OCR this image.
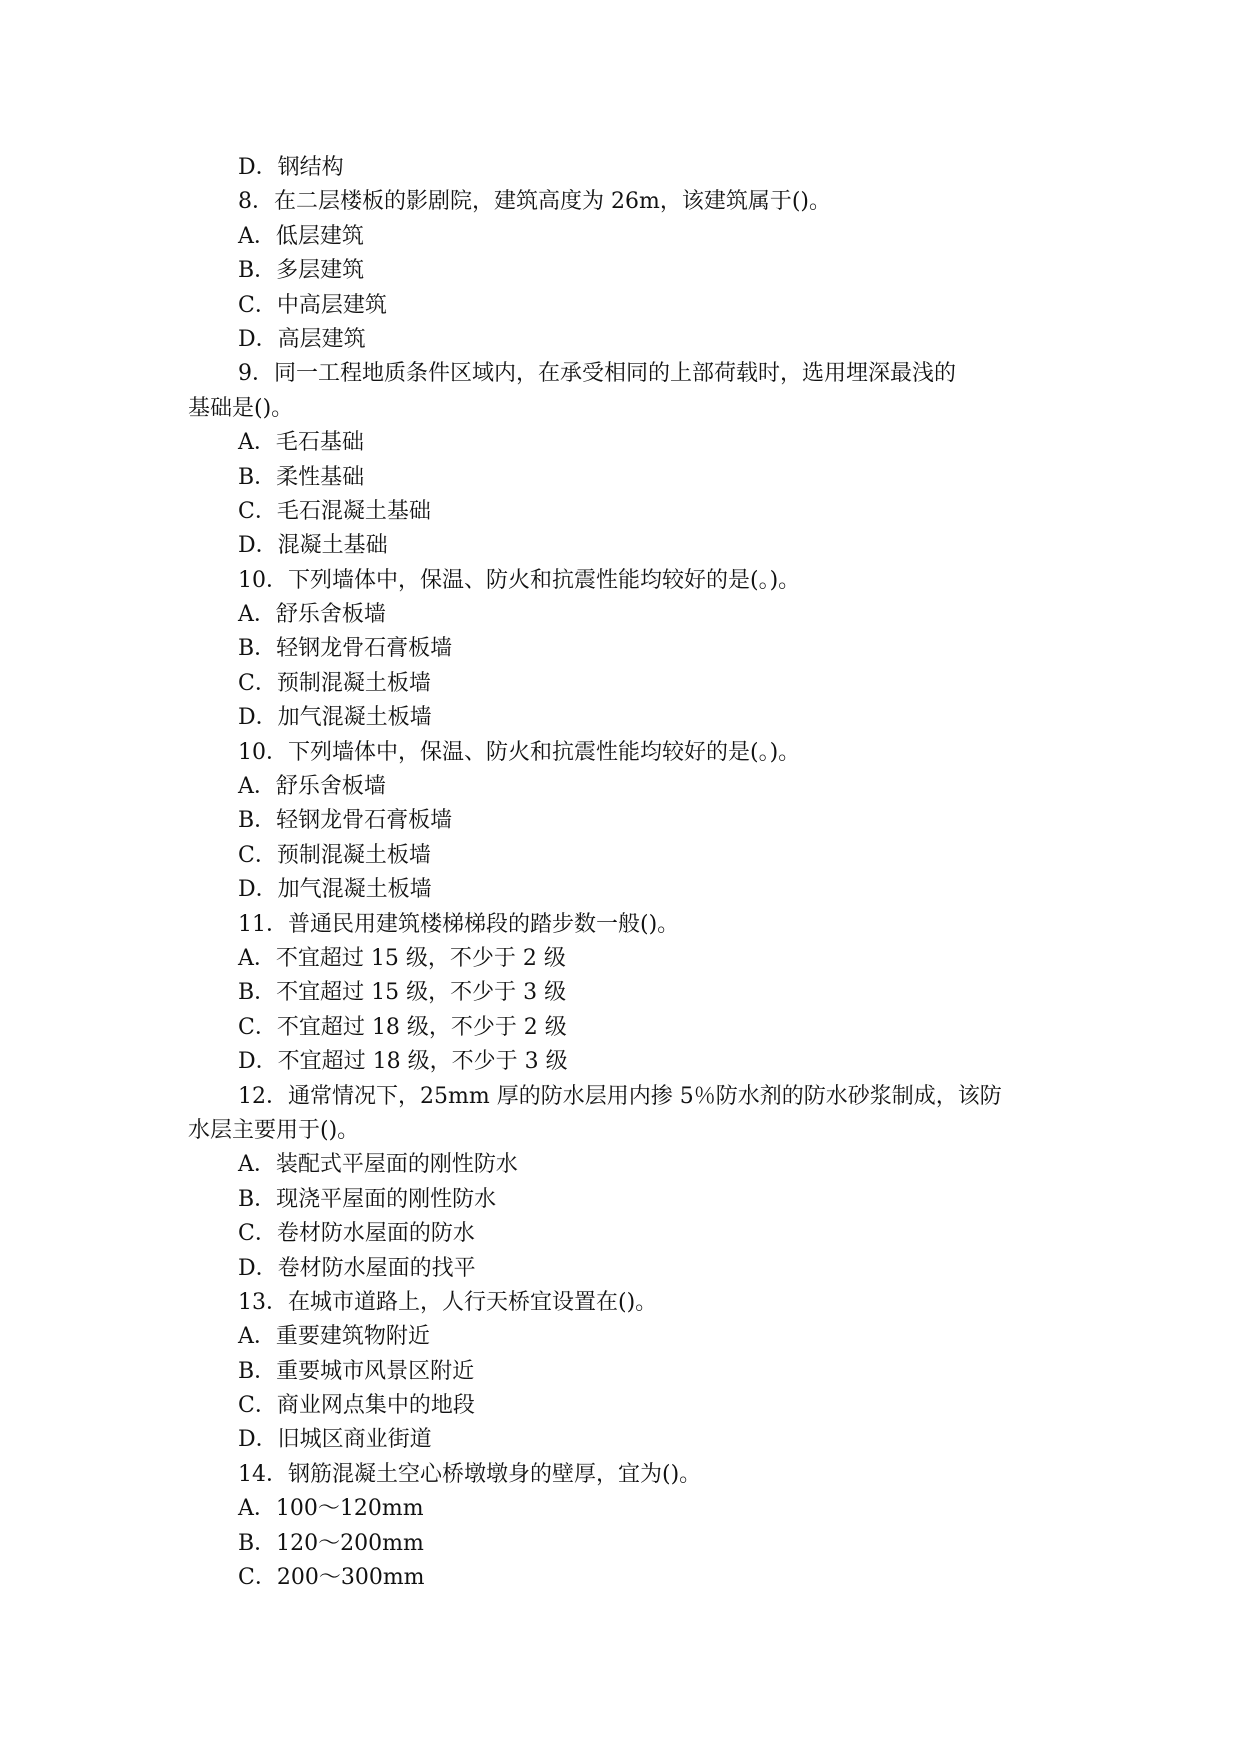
D．钢结构
8．在二层楼板的影剧院，建筑高度为 26m，该建筑属于()。
A．低层建筑
B．多层建筑
C．中高层建筑
D．高层建筑
9．同一工程地质条件区域内，在承受相同的上部荷载时，选用埋深最浅的
基础是()。
A．毛石基础
B．柔性基础
C．毛石混凝土基础
D．混凝土基础
10．下列墙体中，保温、防火和抗震性能均较好的是(。)。
A．舒乐舍板墙
B．轻钢龙骨石膏板墙
C．预制混凝土板墙
D．加气混凝土板墙
10．下列墙体中，保温、防火和抗震性能均较好的是(。)。
A．舒乐舍板墙
B．轻钢龙骨石膏板墙
C．预制混凝土板墙
D．加气混凝土板墙
11．普通民用建筑楼梯梯段的踏步数一般()。
A．不宜超过 15 级，不少于 2 级
B．不宜超过 15 级，不少于 3 级
C．不宜超过 18 级，不少于 2 级
D．不宜超过 18 级，不少于 3 级
12．通常情况下，25mm 厚的防水层用内掺 5％防水剂的防水砂浆制成，该防
水层主要用于()。
A．装配式平屋面的刚性防水
B．现浇平屋面的刚性防水
C．卷材防水屋面的防水
D．卷材防水屋面的找平
13．在城市道路上，人行天桥宜设置在()。
A．重要建筑物附近
B．重要城市风景区附近
C．商业网点集中的地段
D．旧城区商业街道
14．钢筋混凝土空心桥墩墩身的壁厚，宜为()。
A．100～120mm
B．120～200mm
C．200～300mm
